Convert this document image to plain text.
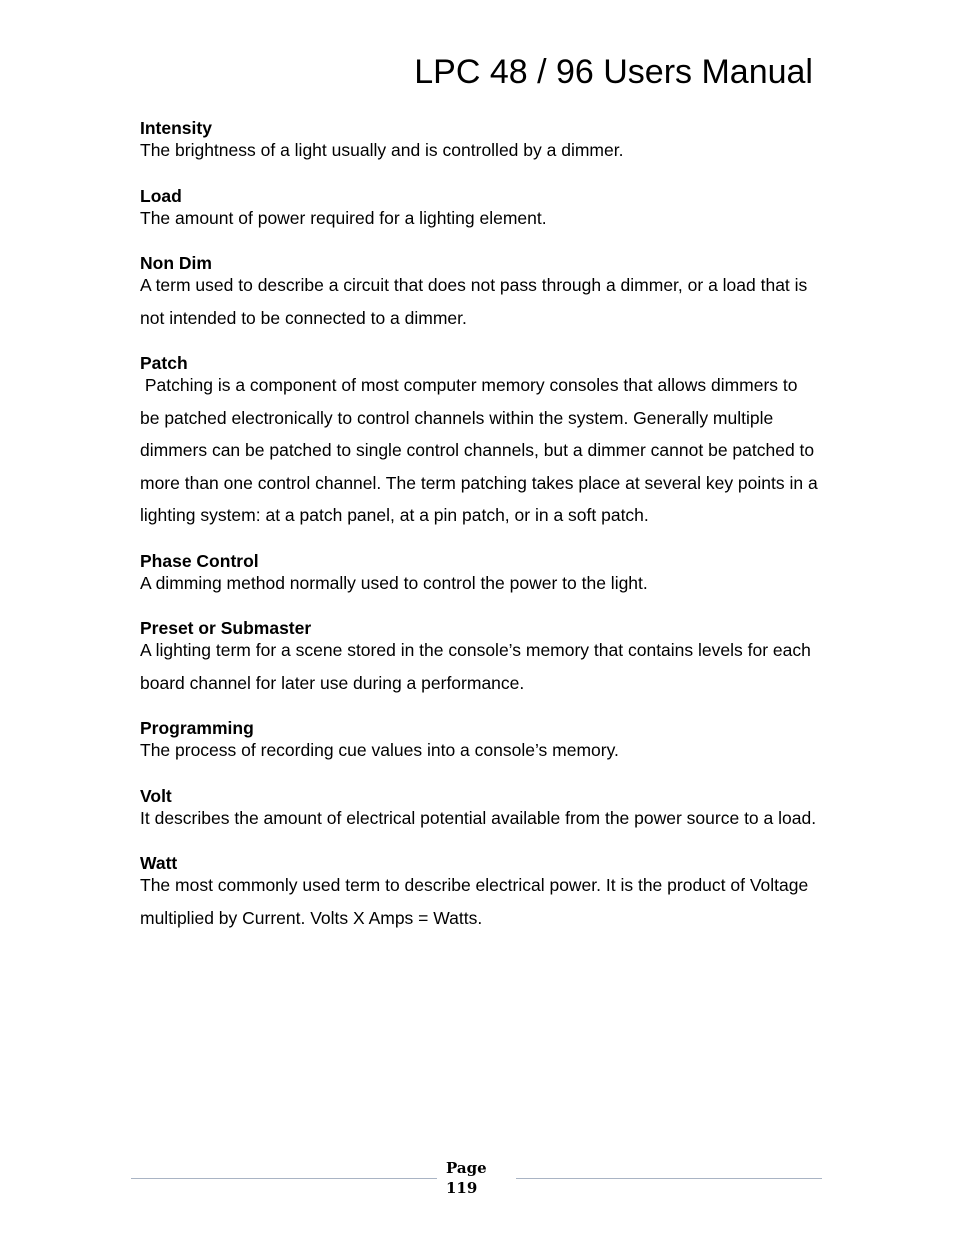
LPC 48 / 96 Users Manual
Intensity
The brightness of a light usually and is controlled by a dimmer.
Load
The amount of power required for a lighting element.
Non Dim
A term used to describe a circuit that does not pass through a dimmer, or a load that is not intended to be connected to a dimmer.
Patch
Patching is a component of most computer memory consoles that allows dimmers to be patched electronically to control channels within the system. Generally multiple dimmers can be patched to single control channels, but a dimmer cannot be patched to more than one control channel. The term patching takes place at several key points in a lighting system: at a patch panel, at a pin patch, or in a soft patch.
Phase Control
A dimming method normally used to control the power to the light.
Preset or Submaster
A lighting term for a scene stored in the console’s memory that contains levels for each board channel for later use during a performance.
Programming
The process of recording cue values into a console’s memory.
Volt
It describes the amount of electrical potential available from the power source to a load.
Watt
The most commonly used term to describe electrical power. It is the product of Voltage multiplied by Current. Volts X Amps = Watts.
Page
119
